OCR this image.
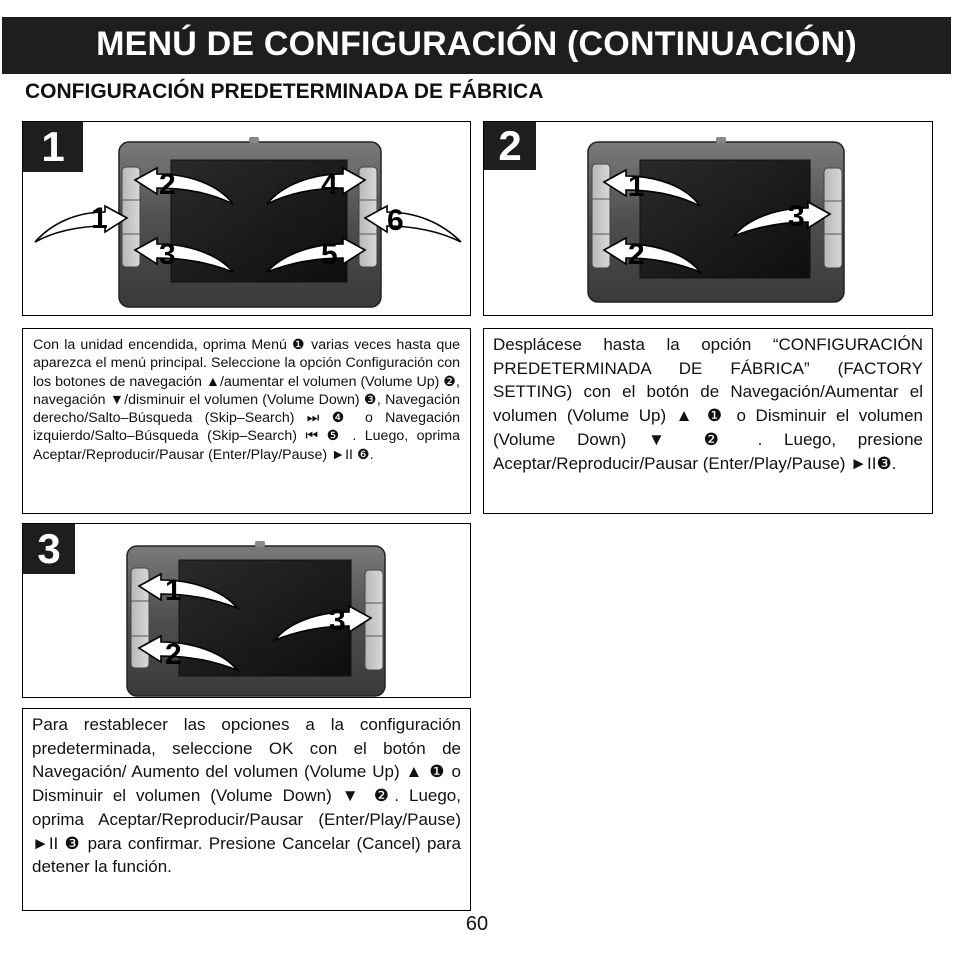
MENÚ DE CONFIGURACIÓN (CONTINUACIÓN)
CONFIGURACIÓN PREDETERMINADA DE FÁBRICA
1
2	4
1	6
3	5
2
1
3
2

Con la unidad encendida, oprima Menú ❶ varias veces hasta que aparezca el menú principal. Seleccione la opción Configuración con los botones de navegación ▲/aumentar el volumen (Volume Up) ❷, navegación ▼/disminuir el volumen (Volume Down) ❸, Navegación derecho/Salto–Búsqueda (Skip–Search) ⏭ ❹ o Navegación izquierdo/Salto–Búsqueda (Skip–Search) ⏮ ❺ . Luego, oprima Aceptar/Reproducir/Pausar (Enter/Play/Pause) ►II ❻.

Desplácese hasta la opción “CONFIGURACIÓN PREDETERMINADA DE FÁBRICA” (FACTORY SETTING) con el botón de Navegación/Aumentar el volumen (Volume Up) ▲ ❶ o Disminuir el volumen (Volume Down) ▼ ❷ . Luego, presione Aceptar/Reproducir/Pausar (Enter/Play/Pause) ►II❸.

3
1
3
2

Para restablecer las opciones a la configuración predeterminada, seleccione OK con el botón de Navegación/ Aumento del volumen (Volume Up) ▲ ❶ o Disminuir el volumen (Volume Down) ▼ ❷. Luego, oprima Aceptar/Reproducir/Pausar (Enter/Play/Pause) ►II ❸ para confirmar. Presione Cancelar (Cancel) para detener la función.

60
